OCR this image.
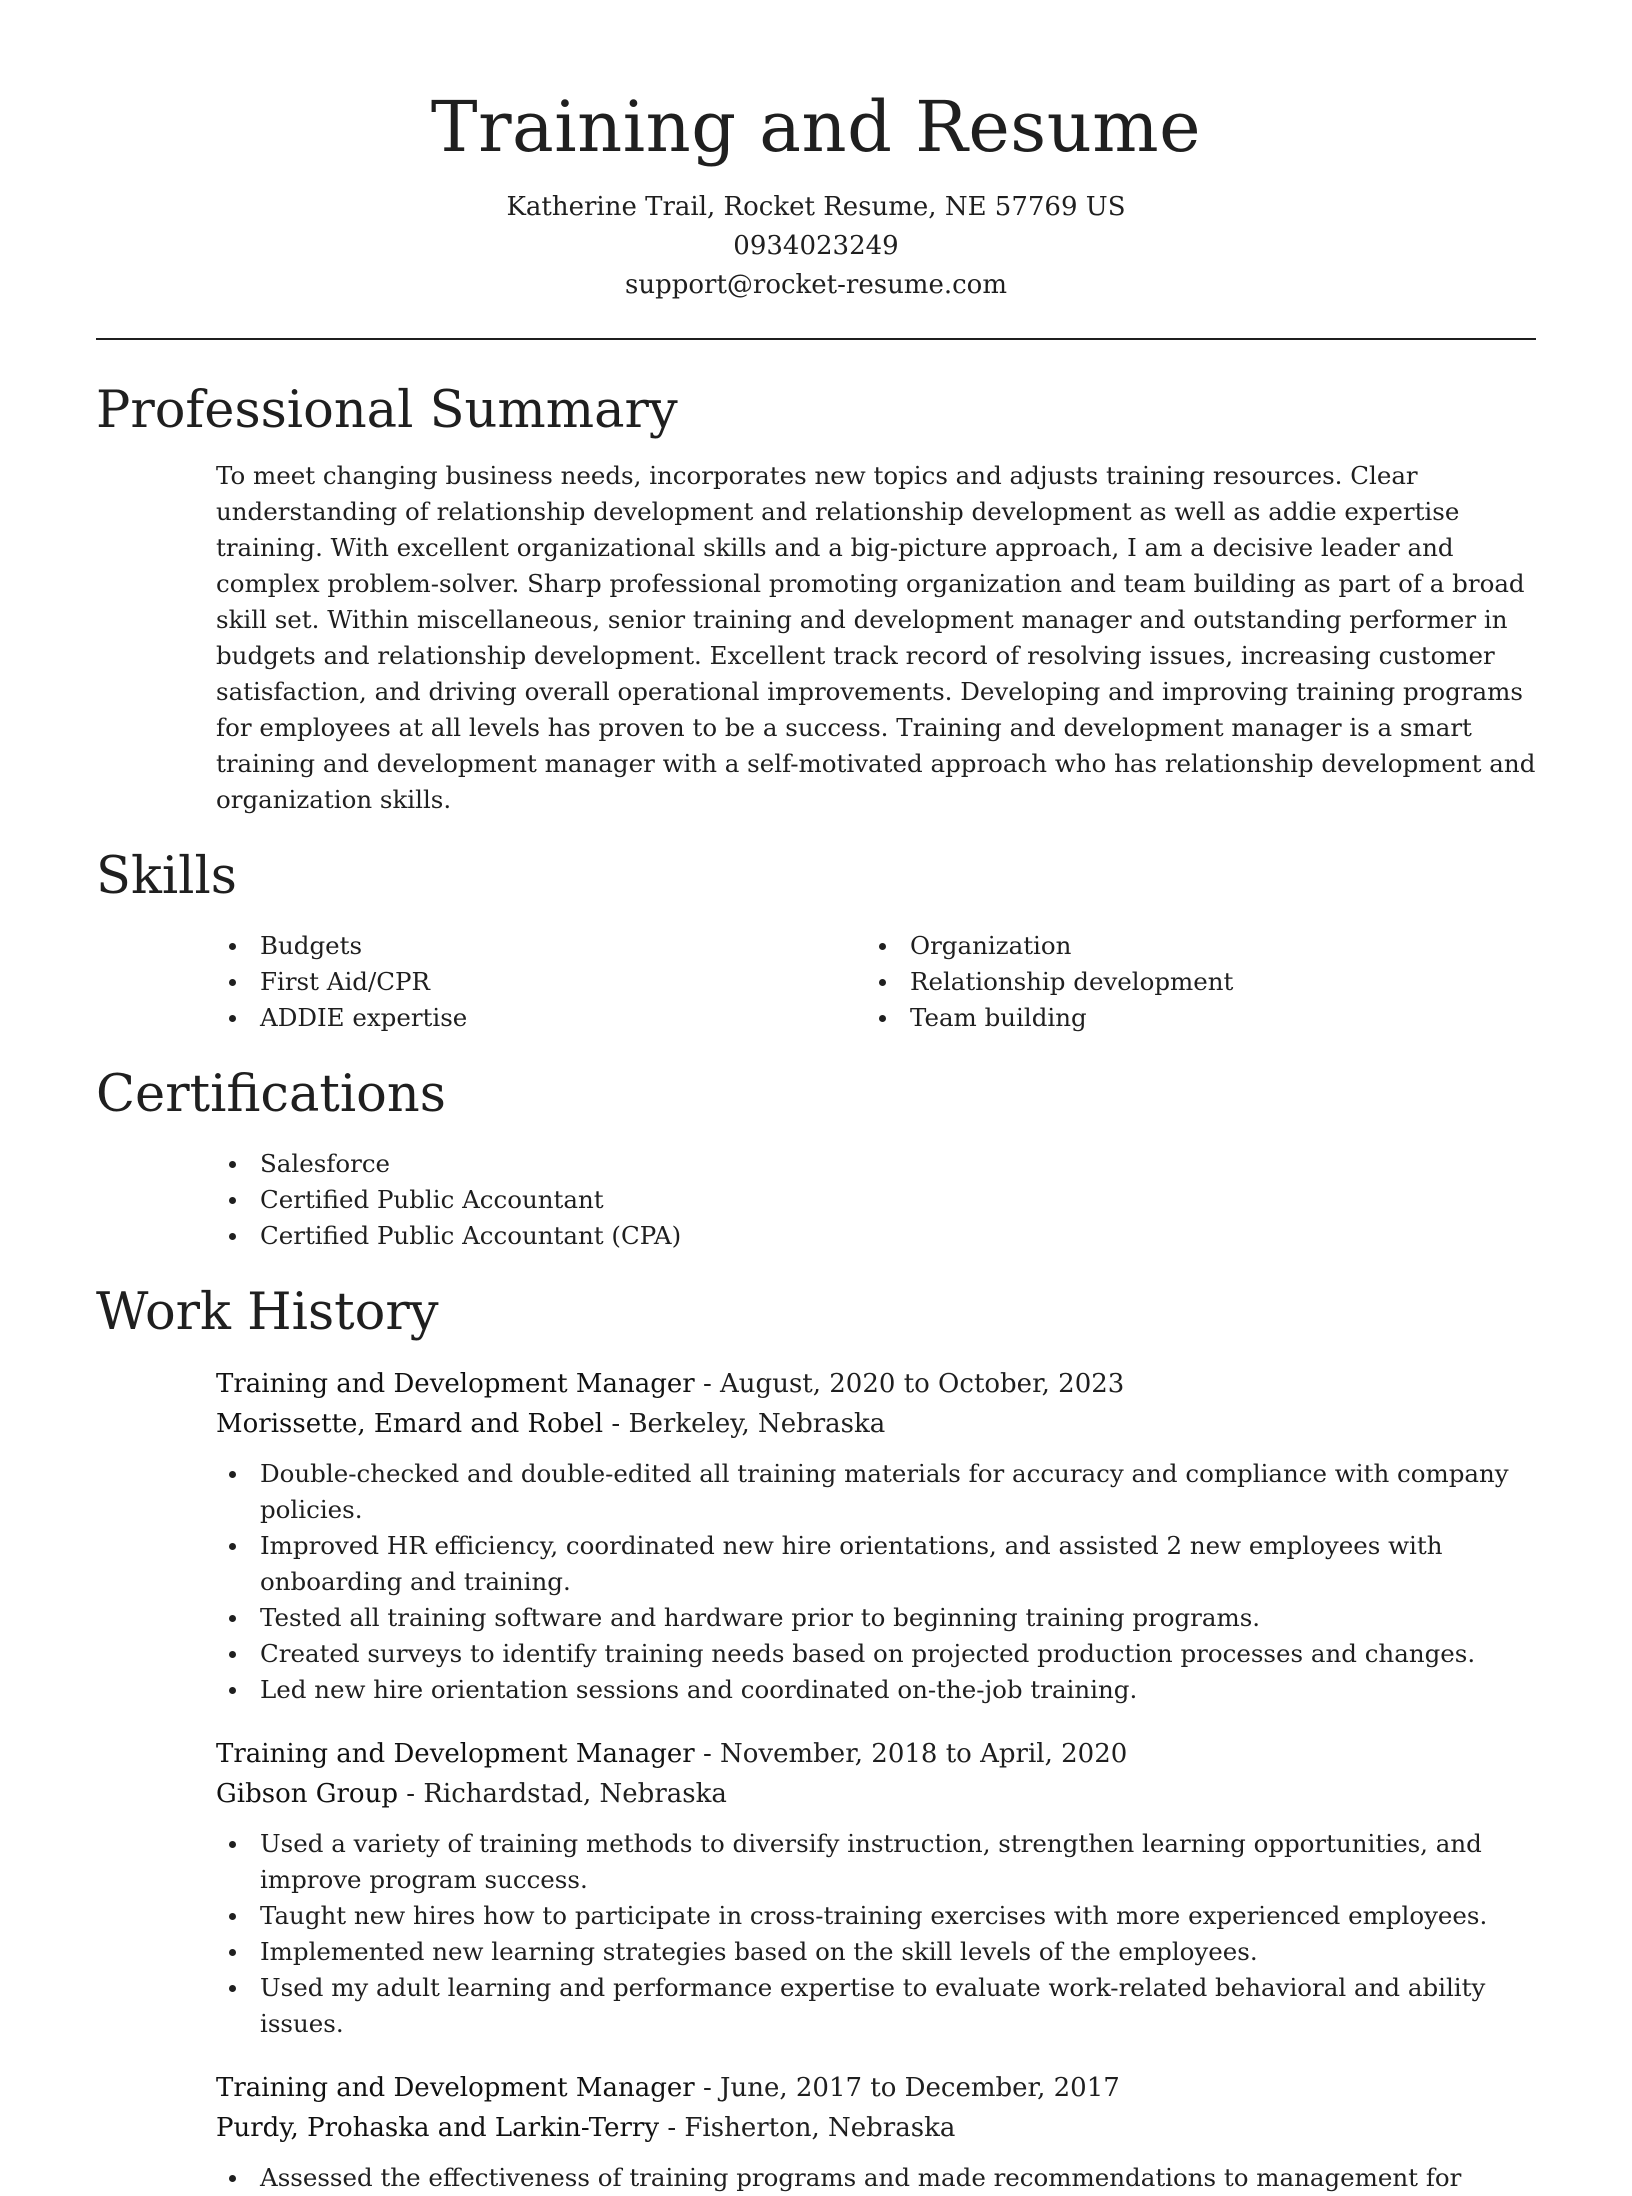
Training and Resume
Katherine Trail, Rocket Resume, NE 57769 US
0934023249
support@rocket-resume.com
Professional Summary
To meet changing business needs, incorporates new topics and adjusts training resources. Clear understanding of relationship development and relationship development as well as addie expertise training. With excellent organizational skills and a big-picture approach, I am a decisive leader and complex problem-solver. Sharp professional promoting organization and team building as part of a broad skill set. Within miscellaneous, senior training and development manager and outstanding performer in budgets and relationship development. Excellent track record of resolving issues, increasing customer satisfaction, and driving overall operational improvements. Developing and improving training programs for employees at all levels has proven to be a success. Training and development manager is a smart training and development manager with a self-motivated approach who has relationship development and organization skills.
Skills
Budgets
First Aid/CPR
ADDIE expertise
Organization
Relationship development
Team building
Certifications
Salesforce
Certified Public Accountant
Certified Public Accountant (CPA)
Work History
Training and Development Manager - August, 2020 to October, 2023
Morissette, Emard and Robel - Berkeley, Nebraska
Double-checked and double-edited all training materials for accuracy and compliance with company policies.
Improved HR efficiency, coordinated new hire orientations, and assisted 2 new employees with onboarding and training.
Tested all training software and hardware prior to beginning training programs.
Created surveys to identify training needs based on projected production processes and changes.
Led new hire orientation sessions and coordinated on-the-job training.
Training and Development Manager - November, 2018 to April, 2020
Gibson Group - Richardstad, Nebraska
Used a variety of training methods to diversify instruction, strengthen learning opportunities, and improve program success.
Taught new hires how to participate in cross-training exercises with more experienced employees.
Implemented new learning strategies based on the skill levels of the employees.
Used my adult learning and performance expertise to evaluate work-related behavioral and ability issues.
Training and Development Manager - June, 2017 to December, 2017
Purdy, Prohaska and Larkin-Terry - Fisherton, Nebraska
Assessed the effectiveness of training programs and made recommendations to management for
